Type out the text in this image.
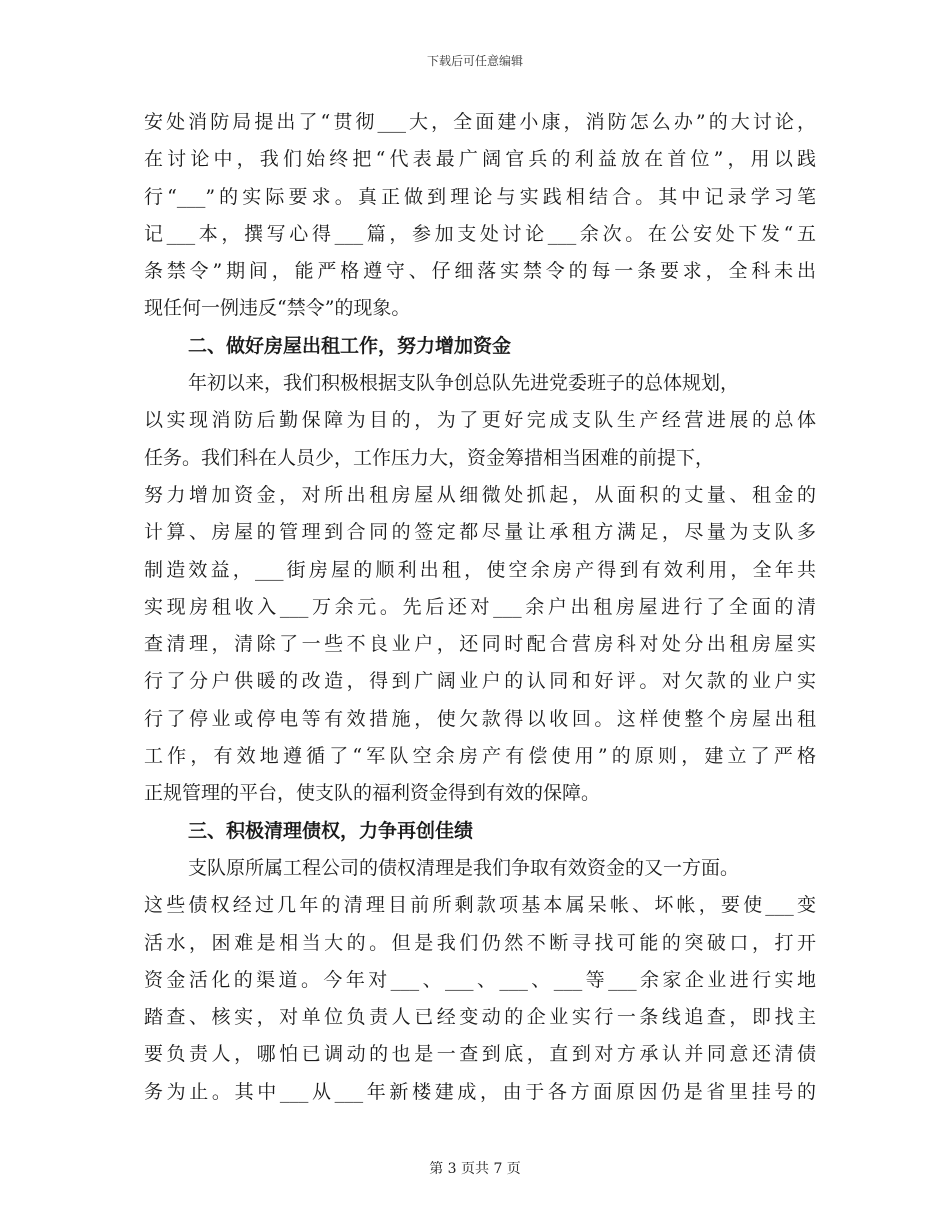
下载后可任意编辑
安处消防局提出了“贯彻___大，全面建小康，消防怎么办”的大讨论，
在讨论中，我们始终把“代表最广阔官兵的利益放在首位”，用以践
行“___”的实际要求。真正做到理论与实践相结合。其中记录学习笔
记___本，撰写心得___篇，参加支处讨论___余次。在公安处下发“五
条禁令”期间，能严格遵守、仔细落实禁令的每一条要求，全科未出
现任何一例违反“禁令”的现象。
二、做好房屋出租工作，努力增加资金
年初以来，我们积极根据支队争创总队先进党委班子的总体规划，
以实现消防后勤保障为目的，为了更好完成支队生产经营进展的总体
任务。我们科在人员少，工作压力大，资金筹措相当困难的前提下，
努力增加资金，对所出租房屋从细微处抓起，从面积的丈量、租金的
计算、房屋的管理到合同的签定都尽量让承租方满足，尽量为支队多
制造效益，___街房屋的顺利出租，使空余房产得到有效利用，全年共
实现房租收入___万余元。先后还对___余户出租房屋进行了全面的清
查清理，清除了一些不良业户，还同时配合营房科对处分出租房屋实
行了分户供暖的改造，得到广阔业户的认同和好评。对欠款的业户实
行了停业或停电等有效措施，使欠款得以收回。这样使整个房屋出租
工作，有效地遵循了“军队空余房产有偿使用”的原则，建立了严格
正规管理的平台，使支队的福利资金得到有效的保障。
三、积极清理债权，力争再创佳绩
支队原所属工程公司的债权清理是我们争取有效资金的又一方面。
这些债权经过几年的清理目前所剩款项基本属呆帐、坏帐，要使___变
活水，困难是相当大的。但是我们仍然不断寻找可能的突破口，打开
资金活化的渠道。今年对___、___、___、___等___余家企业进行实地
踏查、核实，对单位负责人已经变动的企业实行一条线追查，即找主
要负责人，哪怕已调动的也是一查到底，直到对方承认并同意还清债
务为止。其中___从___年新楼建成，由于各方面原因仍是省里挂号的
第 3 页共 7 页
